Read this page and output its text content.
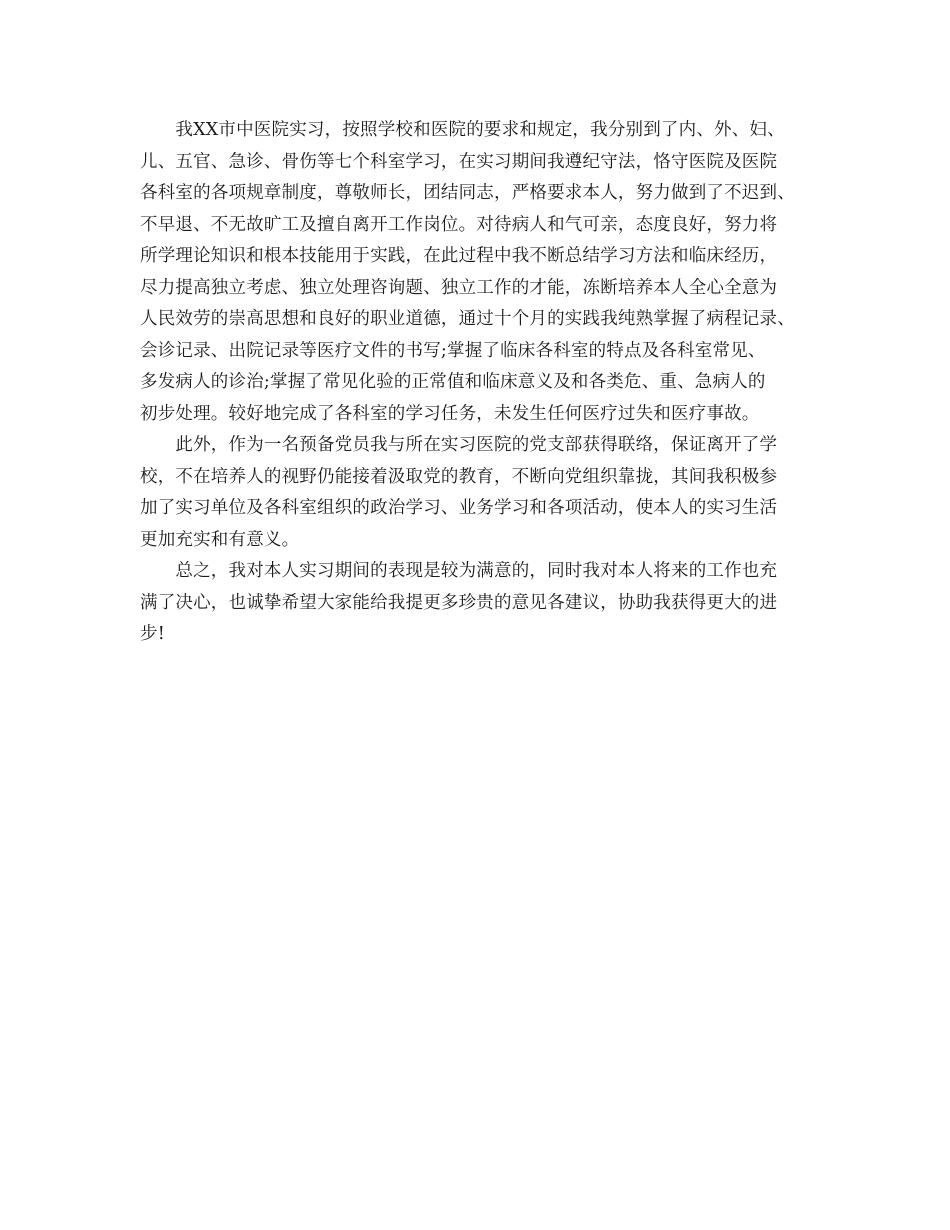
　　我XX市中医院实习，按照学校和医院的要求和规定，我分别到了内、外、妇、
儿、五官、急诊、骨伤等七个科室学习，在实习期间我遵纪守法，恪守医院及医院
各科室的各项规章制度，尊敬师长，团结同志，严格要求本人，努力做到了不迟到、
不早退、不无故旷工及擅自离开工作岗位。对待病人和气可亲，态度良好，努力将
所学理论知识和根本技能用于实践，在此过程中我不断总结学习方法和临床经历，
尽力提高独立考虑、独立处理咨询题、独立工作的才能，冻断培养本人全心全意为
人民效劳的崇高思想和良好的职业道德，通过十个月的实践我纯熟掌握了病程记录、
会诊记录、出院记录等医疗文件的书写;掌握了临床各科室的特点及各科室常见、
多发病人的诊治;掌握了常见化验的正常值和临床意义及和各类危、重、急病人的
初步处理。较好地完成了各科室的学习任务，未发生任何医疗过失和医疗事故。

　　此外，作为一名预备党员我与所在实习医院的党支部获得联络，保证离开了学
校，不在培养人的视野仍能接着汲取党的教育，不断向党组织靠拢，其间我积极参
加了实习单位及各科室组织的政治学习、业务学习和各项活动，使本人的实习生活
更加充实和有意义。

　　总之，我对本人实习期间的表现是较为满意的，同时我对本人将来的工作也充
满了决心，也诚挚希望大家能给我提更多珍贵的意见各建议，协助我获得更大的进
步!
